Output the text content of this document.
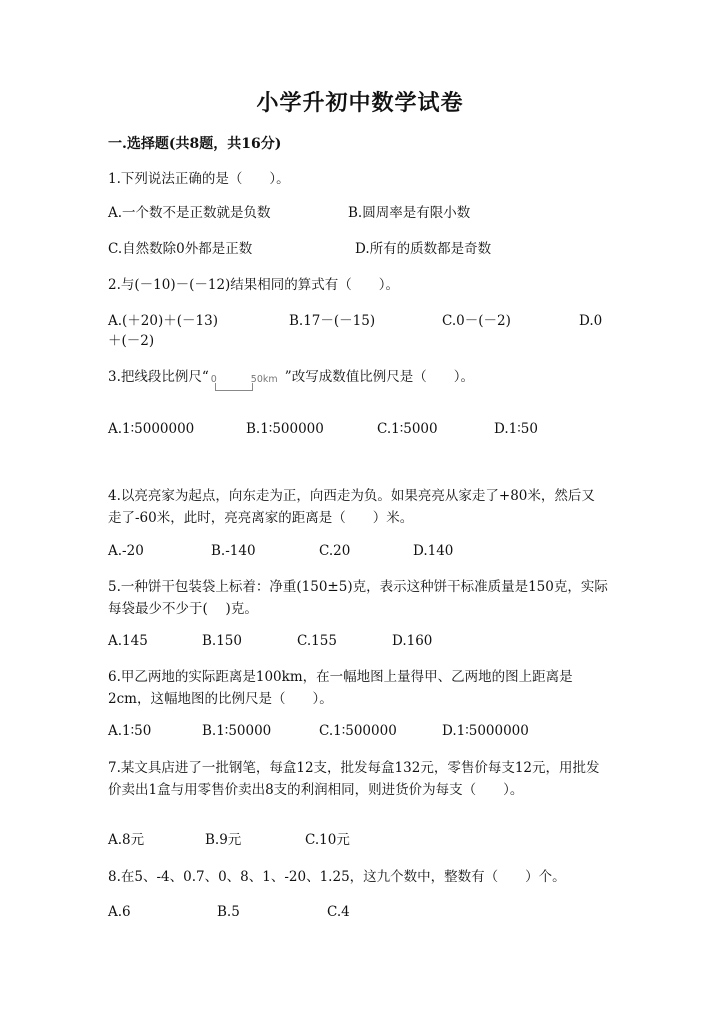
小学升初中数学试卷
一.选择题(共8题，共16分)
1.下列说法正确的是（　　）。
A.一个数不是正数就是负数	B.圆周率是有限小数
C.自然数除0外都是正数	D.所有的质数都是奇数
2.与(－10)－(－12)结果相同的算式有（　　）。
A.(＋20)＋(－13)	B.17－(－15)	C.0－(－2)	D.0
＋(－2)
3.把线段比例尺“ 0	50km ”改写成数值比例尺是（　　）。
A.1∶5000000	B.1∶500000	C.1∶5000	D.1∶50
4.以亮亮家为起点，向东走为正，向西走为负。如果亮亮从家走了+80米，然后又走了-60米，此时，亮亮离家的距离是（　　）米。
A.-20	B.-140	C.20	D.140
5.一种饼干包装袋上标着：净重(150±5)克，表示这种饼干标准质量是150克，实际每袋最少不少于(　 )克。
A.145	B.150	C.155	D.160
6.甲乙两地的实际距离是100km，在一幅地图上量得甲、乙两地的图上距离是2cm，这幅地图的比例尺是（　　）。
A.1∶50	B.1∶50000	C.1∶500000	D.1∶5000000
7.某文具店进了一批钢笔，每盒12支，批发每盒132元，零售价每支12元，用批发价卖出1盒与用零售价卖出8支的利润相同，则进货价为每支（　　）。
A.8元	B.9元	C.10元
8.在5、-4、0.7、0、8、1、-20、1.25，这九个数中，整数有（　　）个。
A.6	B.5	C.4
